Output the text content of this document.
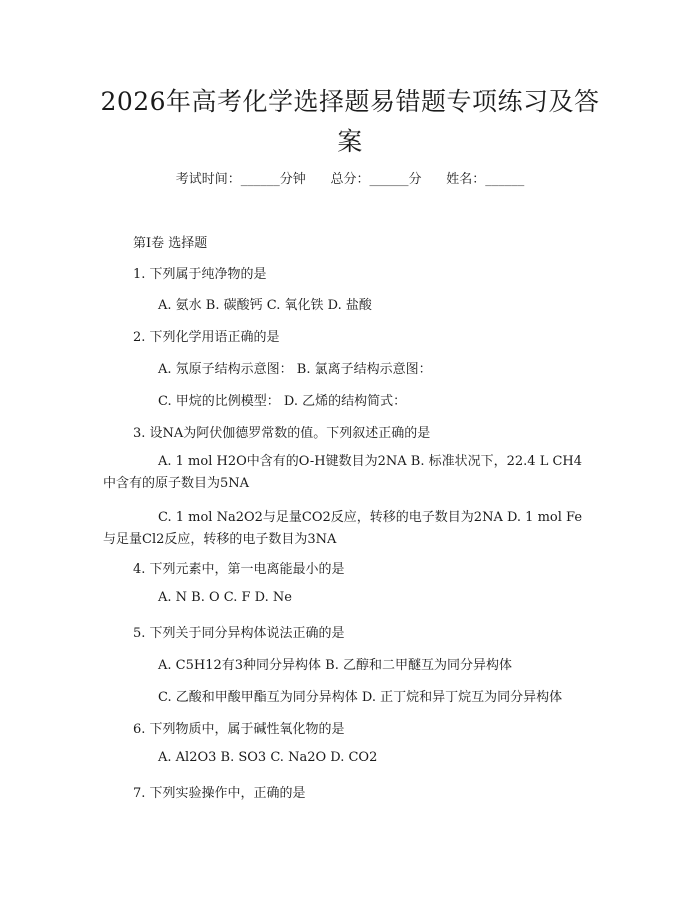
2026年高考化学选择题易错题专项练习及答
案
考试时间：______分钟      总分：______分      姓名：______
第Ⅰ卷 选择题
1. 下列属于纯净物的是
A. 氨水 B. 碳酸钙 C. 氧化铁 D. 盐酸
2. 下列化学用语正确的是
A. 氖原子结构示意图： B. 氯离子结构示意图：
C. 甲烷的比例模型： D. 乙烯的结构简式：
3. 设NA为阿伏伽德罗常数的值。下列叙述正确的是
A. 1 mol H2O中含有的O-H键数目为2NA B. 标准状况下，22.4 L CH4中含有的原子数目为5NA
C. 1 mol Na2O2与足量CO2反应，转移的电子数目为2NA D. 1 mol Fe与足量Cl2反应，转移的电子数目为3NA
4. 下列元素中，第一电离能最小的是
A. N B. O C. F D. Ne
5. 下列关于同分异构体说法正确的是
A. C5H12有3种同分异构体 B. 乙醇和二甲醚互为同分异构体
C. 乙酸和甲酸甲酯互为同分异构体 D. 正丁烷和异丁烷互为同分异构体
6. 下列物质中，属于碱性氧化物的是
A. Al2O3 B. SO3 C. Na2O D. CO2
7. 下列实验操作中，正确的是
